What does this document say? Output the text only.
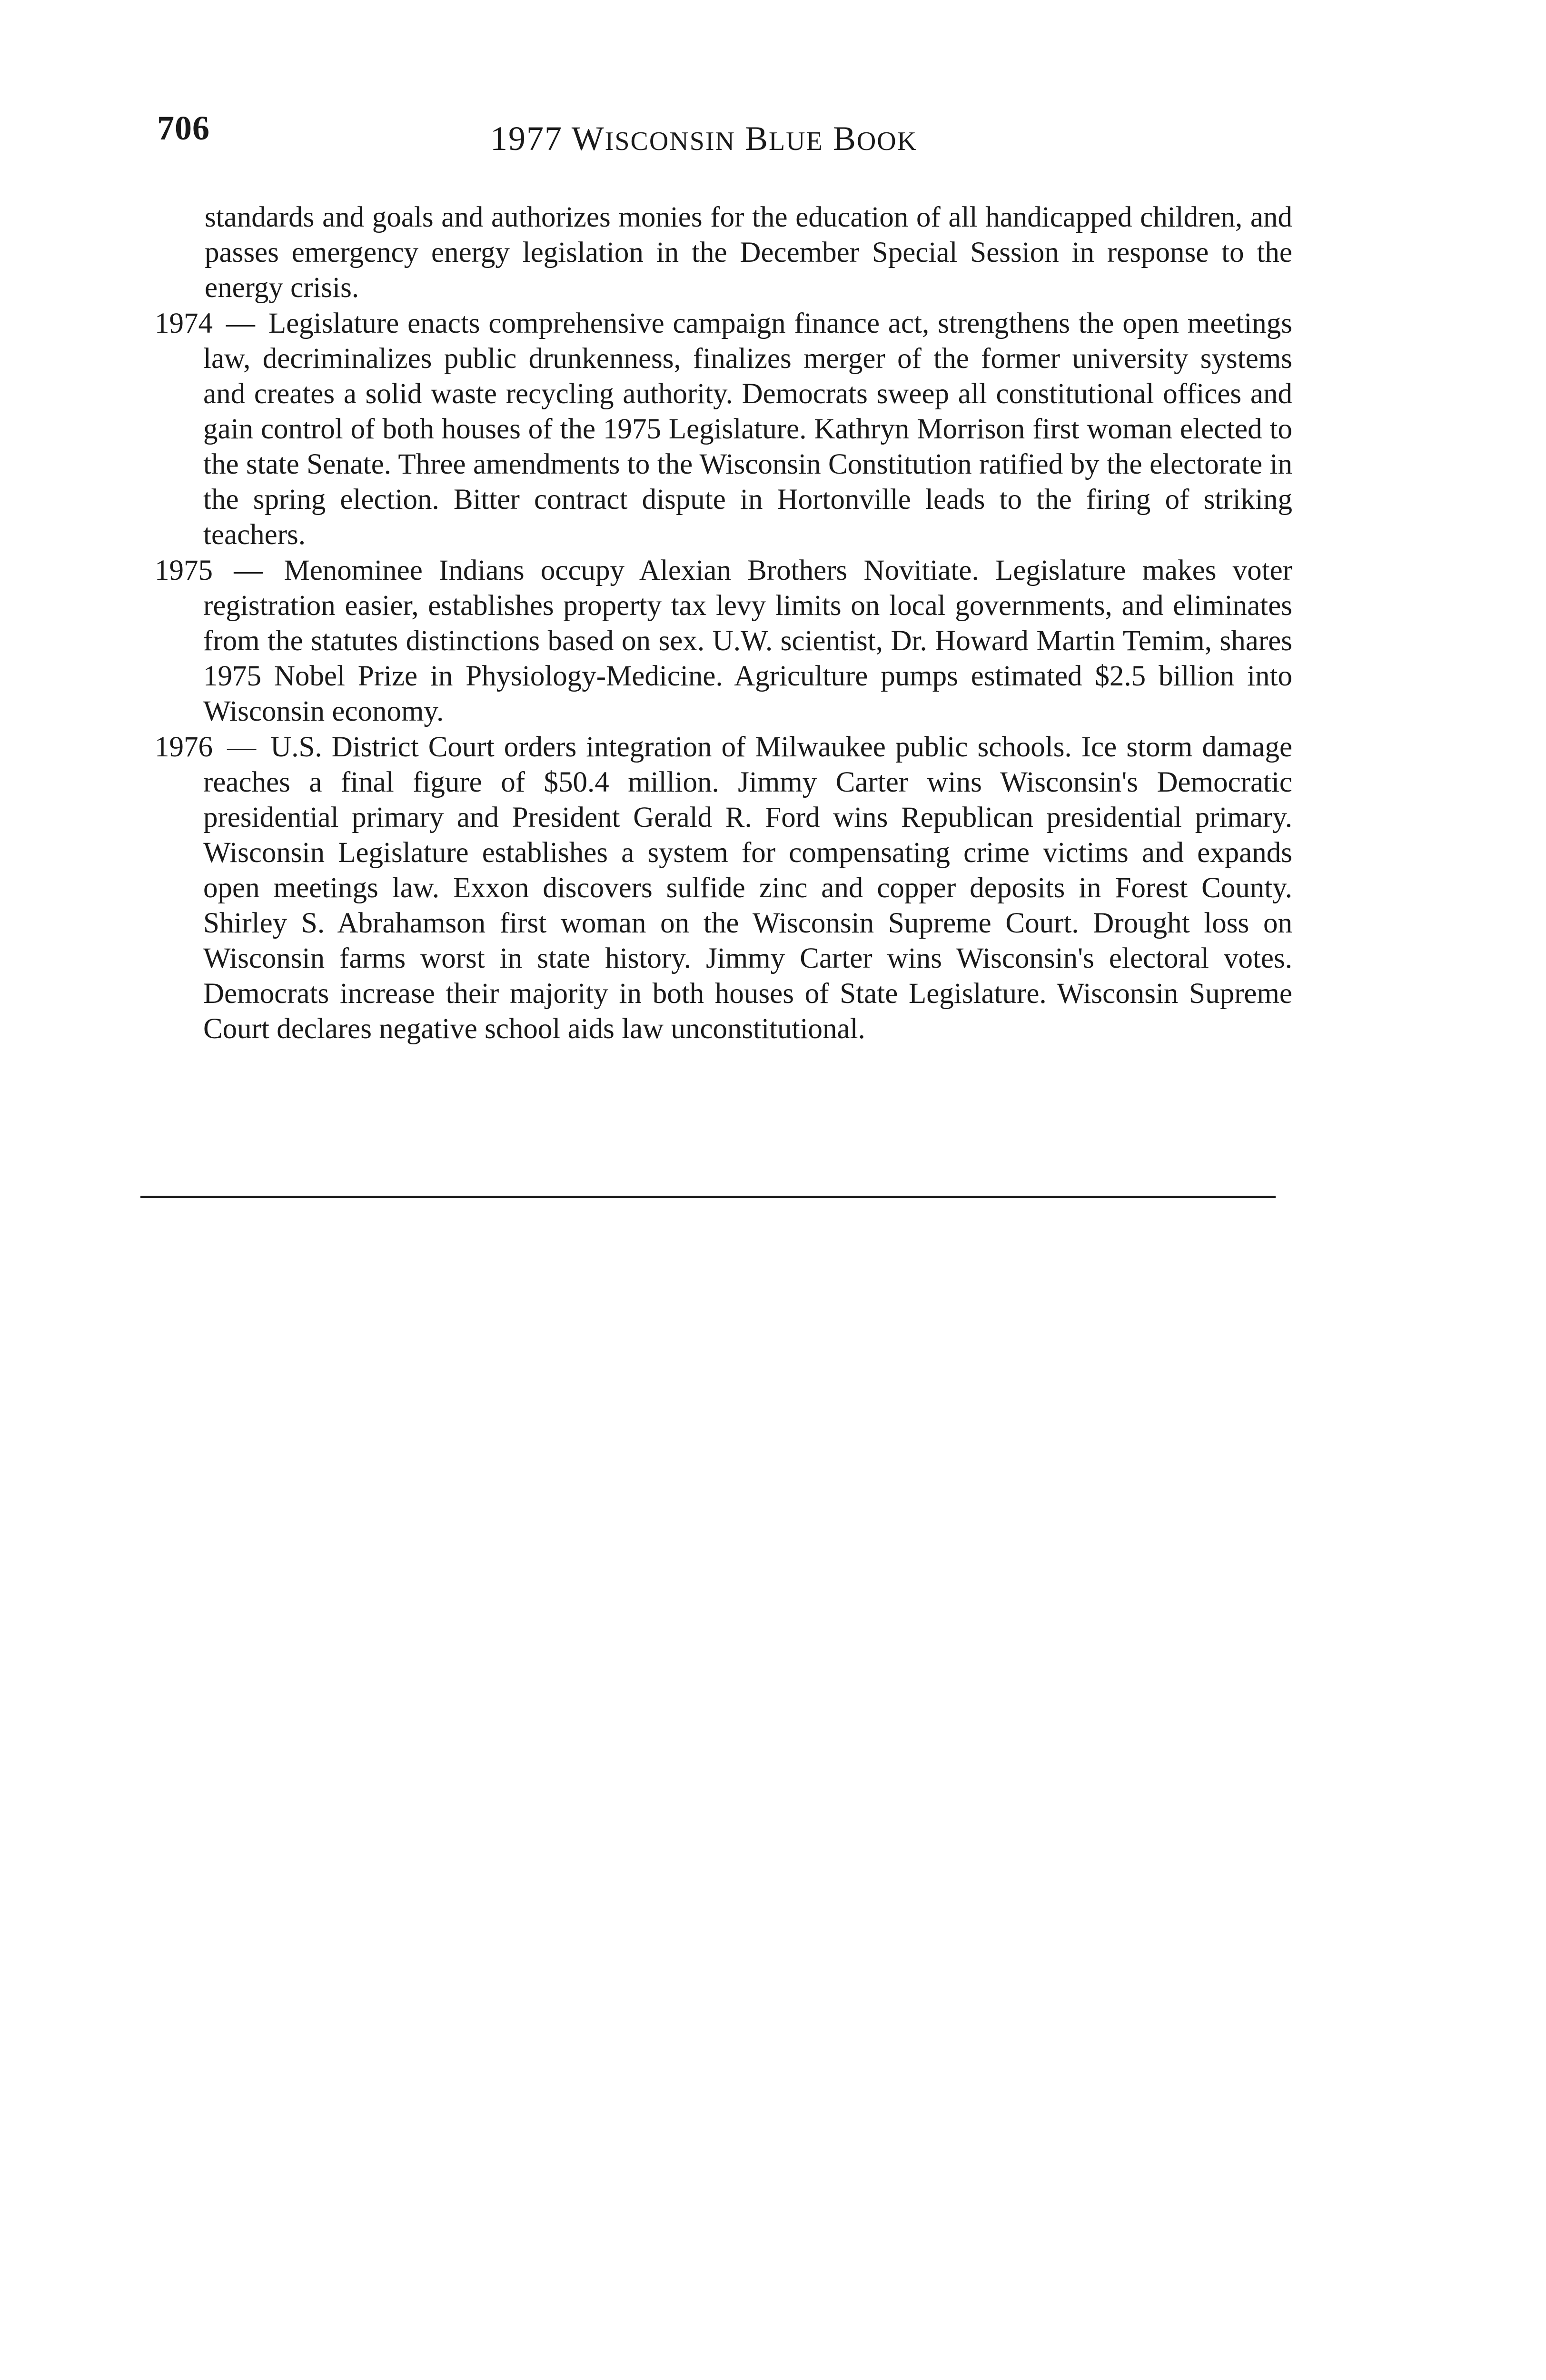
706	1977 WISCONSIN BLUE BOOK

standards and goals and authorizes monies for the education of all handicapped children, and passes emergency energy legislation in the December Special Session in response to the energy crisis.

1974 — Legislature enacts comprehensive campaign finance act, strengthens the open meetings law, decriminalizes public drunkenness, finalizes merger of the former university systems and creates a solid waste recycling authority. Democrats sweep all constitutional offices and gain control of both houses of the 1975 Legislature. Kathryn Morrison first woman elected to the state Senate. Three amendments to the Wisconsin Constitution ratified by the electorate in the spring election. Bitter contract dispute in Hortonville leads to the firing of striking teachers.

1975 — Menominee Indians occupy Alexian Brothers Novitiate. Legislature makes voter registration easier, establishes property tax levy limits on local governments, and eliminates from the statutes distinctions based on sex. U.W. scientist, Dr. Howard Martin Temim, shares 1975 Nobel Prize in Physiology-Medicine. Agriculture pumps estimated $2.5 billion into Wisconsin economy.

1976 — U.S. District Court orders integration of Milwaukee public schools. Ice storm damage reaches a final figure of $50.4 million. Jimmy Carter wins Wisconsin's Democratic presidential primary and President Gerald R. Ford wins Republican presidential primary. Wisconsin Legislature establishes a system for compensating crime victims and expands open meetings law. Exxon discovers sulfide zinc and copper deposits in Forest County. Shirley S. Abrahamson first woman on the Wisconsin Supreme Court. Drought loss on Wisconsin farms worst in state history. Jimmy Carter wins Wisconsin's electoral votes. Democrats increase their majority in both houses of State Legislature. Wisconsin Supreme Court declares negative school aids law unconstitutional.
